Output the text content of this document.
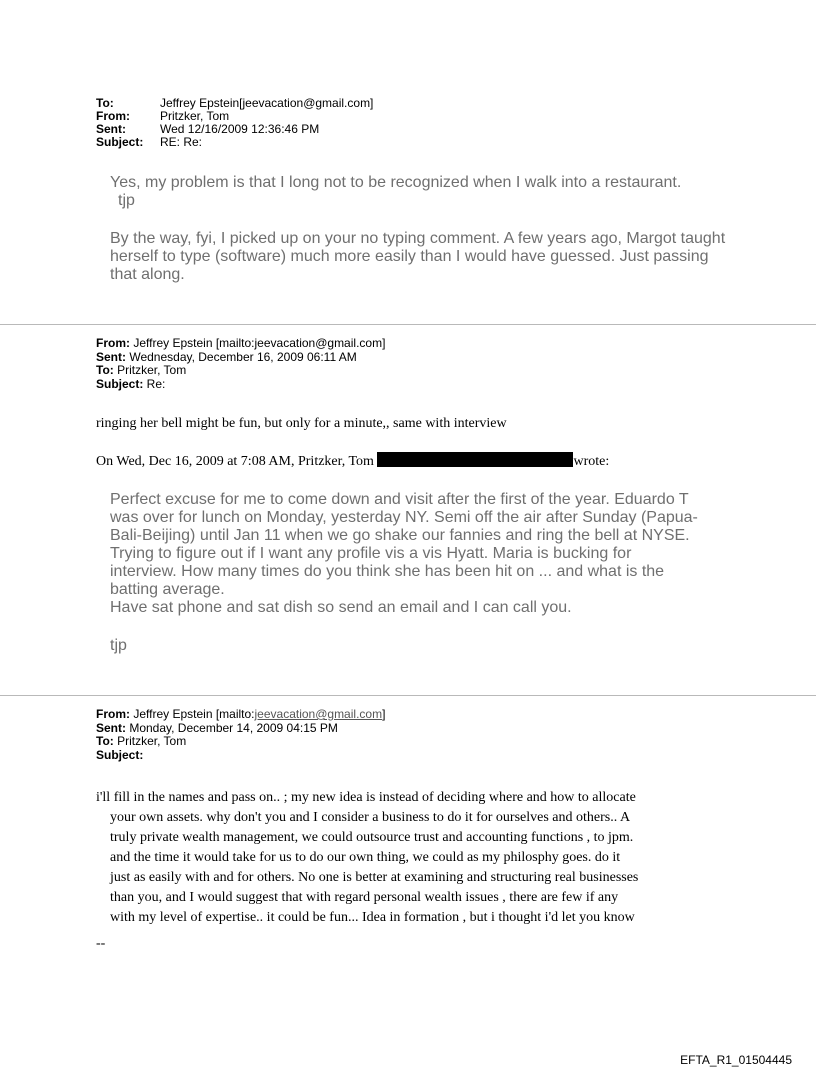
To:	Jeffrey Epstein[jeevacation@gmail.com]
From:	Pritzker, Tom
Sent:	Wed 12/16/2009 12:36:46 PM
Subject: RE: Re:
Yes, my problem is that I long not to be recognized when I walk into a restaurant.
tjp
By the way, fyi, I picked up on your no typing comment. A few years ago, Margot taught
herself to type (software) much more easily than I would have guessed. Just passing
that along.
From: Jeffrey Epstein [mailto:jeevacation@gmail.com]
Sent: Wednesday, December 16, 2009 06:11 AM
To: Pritzker, Tom
Subject: Re:
ringing her bell might be fun, but only for a minute,, same with interview
On Wed, Dec 16, 2009 at 7:08 AM, Pritzker, Tom	wrote:
Perfect excuse for me to come down and visit after the first of the year. Eduardo T
was over for lunch on Monday, yesterday NY. Semi off the air after Sunday (Papua-
Bali-Beijing) until Jan 11 when we go shake our fannies and ring the bell at NYSE.
Trying to figure out if I want any profile vis a vis Hyatt. Maria is bucking for
interview. How many times do you think she has been hit on ... and what is the
batting average.
Have sat phone and sat dish so send an email and I can call you.
tjp
From: Jeffrey Epstein [mailto:jeevacation@gmail.com]
Sent: Monday, December 14, 2009 04:15 PM
To: Pritzker, Tom
Subject:
i'll fill in the names and pass on.. ; my new idea is instead of deciding where and how to allocate
your own assets. why don't you and I consider a business to do it for ourselves and others.. A
truly private wealth management, we could outsource trust and accounting functions , to jpm.
and the time it would take for us to do our own thing, we could as my philosphy goes. do it
just as easily with and for others. No one is better at examining and structuring real businesses
than you, and I would suggest that with regard personal wealth issues , there are few if any
with my level of expertise.. it could be fun... Idea in formation , but i thought i'd let you know
--
EFTA_R1_01504445
